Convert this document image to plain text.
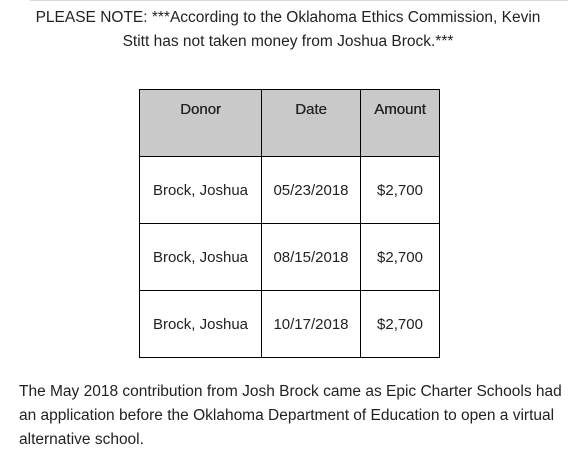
PLEASE NOTE: ***According to the Oklahoma Ethics Commission, Kevin
Stitt has not taken money from Joshua Brock.***
Donor	Date	Amount
Brock, Joshua	05/23/2018	$2,700
Brock, Joshua	08/15/2018	$2,700
Brock, Joshua	10/17/2018	$2,700

The May 2018 contribution from Josh Brock came as Epic Charter Schools had an application before the Oklahoma Department of Education to open a virtual alternative school.
